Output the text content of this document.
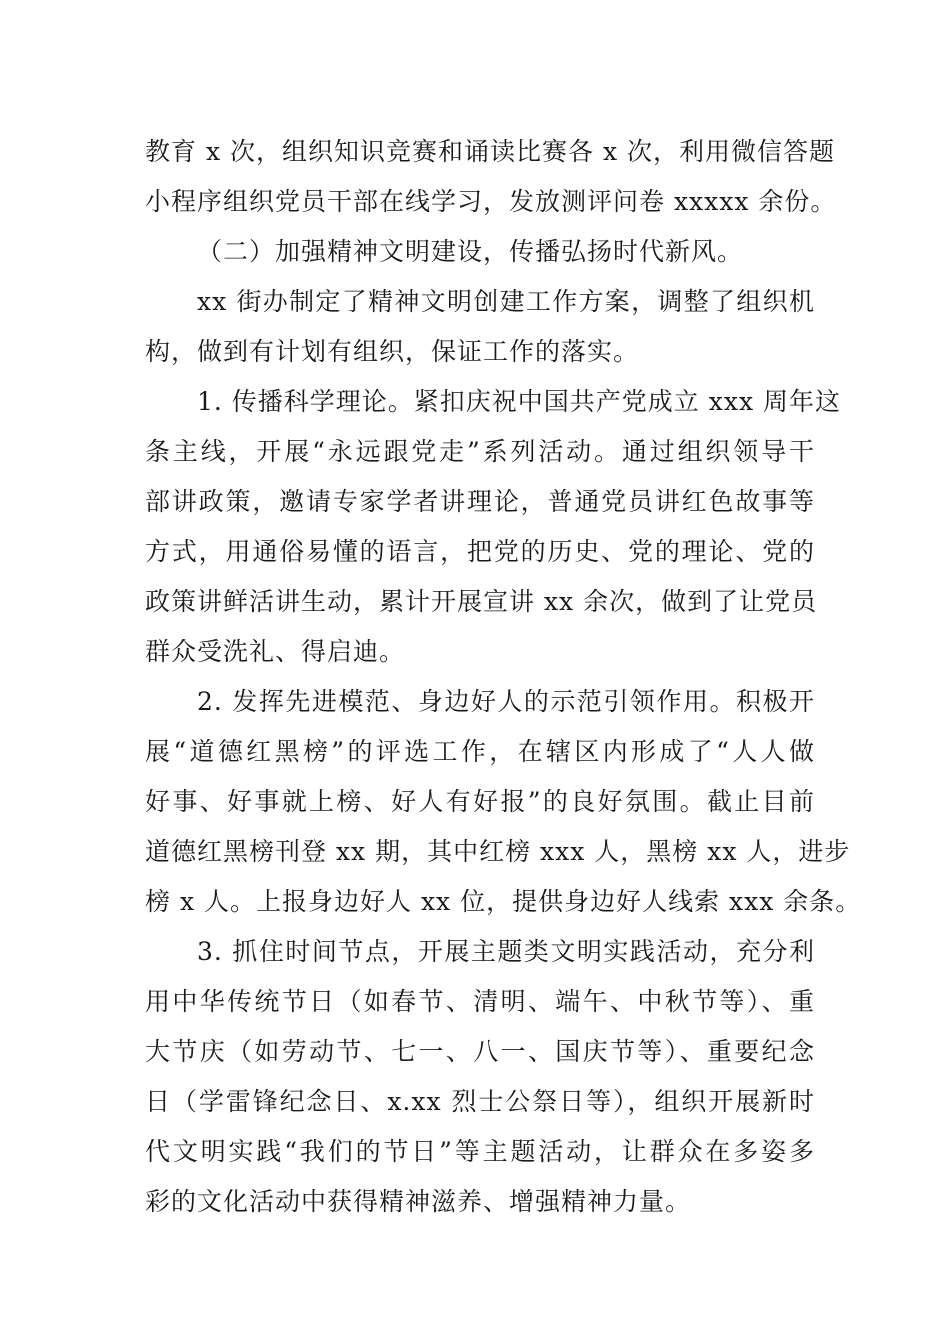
教育 x 次，组织知识竞赛和诵读比赛各 x 次，利用微信答题
小程序组织党员干部在线学习，发放测评问卷 xxxxx 余份。
（二）加强精神文明建设，传播弘扬时代新风。
xx 街办制定了精神文明创建工作方案，调整了组织机
构，做到有计划有组织，保证工作的落实。
1. 传播科学理论。紧扣庆祝中国共产党成立 xxx 周年这
条主线，开展“永远跟党走”系列活动。通过组织领导干
部讲政策，邀请专家学者讲理论，普通党员讲红色故事等
方式，用通俗易懂的语言，把党的历史、党的理论、党的
政策讲鲜活讲生动，累计开展宣讲 xx 余次，做到了让党员
群众受洗礼、得启迪。
2. 发挥先进模范、身边好人的示范引领作用。积极开
展“道德红黑榜”的评选工作，在辖区内形成了“人人做
好事、好事就上榜、好人有好报”的良好氛围。截止目前
道德红黑榜刊登 xx 期，其中红榜 xxx 人，黑榜 xx 人，进步
榜 x 人。上报身边好人 xx 位，提供身边好人线索 xxx 余条。
3. 抓住时间节点，开展主题类文明实践活动，充分利
用中华传统节日（如春节、清明、端午、中秋节等）、重
大节庆（如劳动节、七一、八一、国庆节等）、重要纪念
日（学雷锋纪念日、x.xx 烈士公祭日等），组织开展新时
代文明实践“我们的节日”等主题活动，让群众在多姿多
彩的文化活动中获得精神滋养、增强精神力量。
